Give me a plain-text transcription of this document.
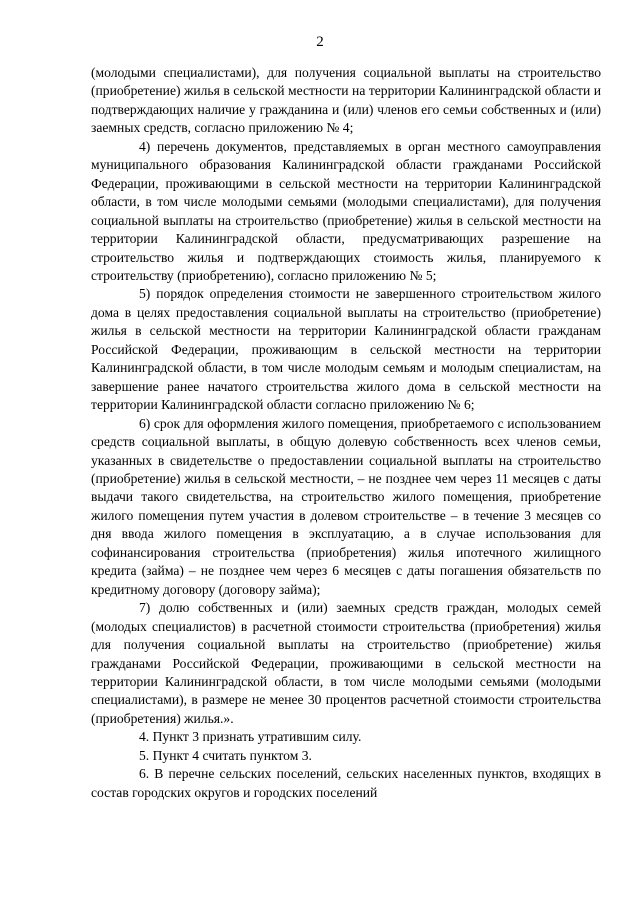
2

(молодыми специалистами), для получения социальной выплаты на строительство (приобретение) жилья в сельской местности на территории Калининградской области и подтверждающих наличие у гражданина и (или) членов его семьи собственных и (или) заемных средств, согласно приложению № 4;

4) перечень документов, представляемых в орган местного самоуправления муниципального образования Калининградской области гражданами Российской Федерации, проживающими в сельской местности на территории Калининградской области, в том числе молодыми семьями (молодыми специалистами), для получения социальной выплаты на строительство (приобретение) жилья в сельской местности на территории Калининградской области, предусматривающих разрешение на строительство жилья и подтверждающих стоимость жилья, планируемого к строительству (приобретению), согласно приложению № 5;

5) порядок определения стоимости не завершенного строительством жилого дома в целях предоставления социальной выплаты на строительство (приобретение) жилья в сельской местности на территории Калининградской области гражданам Российской Федерации, проживающим в сельской местности на территории Калининградской области, в том числе молодым семьям и молодым специалистам, на завершение ранее начатого строительства жилого дома в сельской местности на территории Калининградской области согласно приложению № 6;

6) срок для оформления жилого помещения, приобретаемого с использованием средств социальной выплаты, в общую долевую собственность всех членов семьи, указанных в свидетельстве о предоставлении социальной выплаты на строительство (приобретение) жилья в сельской местности, – не позднее чем через 11 месяцев с даты выдачи такого свидетельства, на строительство жилого помещения, приобретение жилого помещения путем участия в долевом строительстве – в течение 3 месяцев со дня ввода жилого помещения в эксплуатацию, а в случае использования для софинансирования строительства (приобретения) жилья ипотечного жилищного кредита (займа) – не позднее чем через 6 месяцев с даты погашения обязательств по кредитному договору (договору займа);

7) долю собственных и (или) заемных средств граждан, молодых семей (молодых специалистов) в расчетной стоимости строительства (приобретения) жилья для получения социальной выплаты на строительство (приобретение) жилья гражданами Российской Федерации, проживающими в сельской местности на территории Калининградской области, в том числе молодыми семьями (молодыми специалистами), в размере не менее 30 процентов расчетной стоимости строительства (приобретения) жилья.».

4. Пункт 3 признать утратившим силу.

5. Пункт 4 считать пунктом 3.

6. В перечне сельских поселений, сельских населенных пунктов, входящих в состав городских округов и городских поселений
